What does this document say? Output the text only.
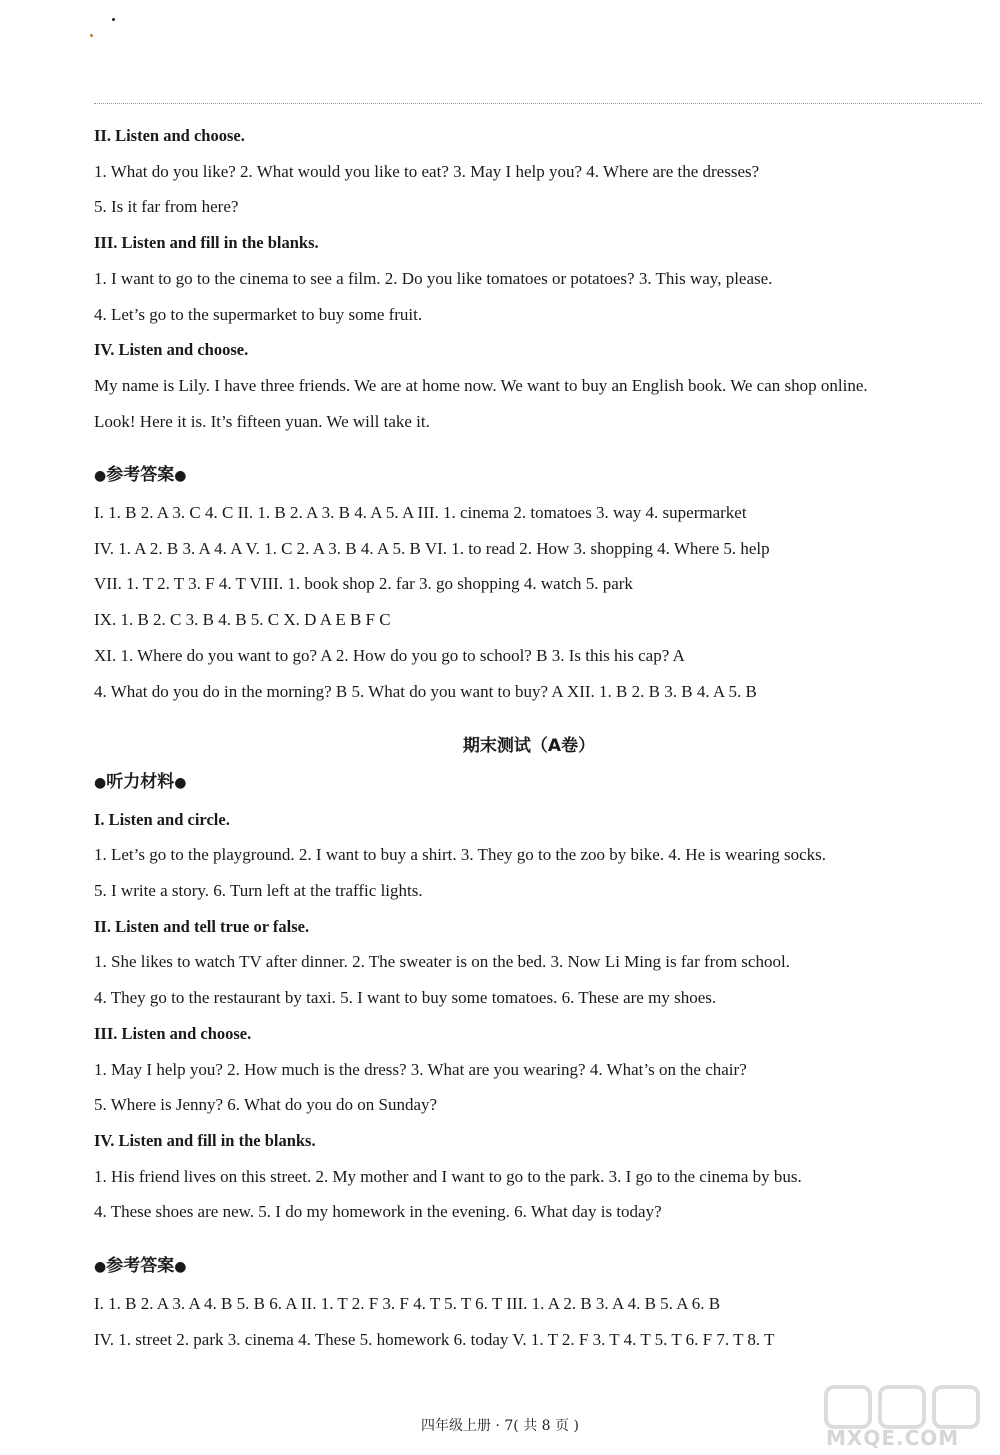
II. Listen and choose.
1. What do you like? 2. What would you like to eat? 3. May I help you? 4. Where are the dresses?
5. Is it far from here?
III. Listen and fill in the blanks.
1. I want to go to the cinema to see a film. 2. Do you like tomatoes or potatoes? 3. This way, please.
4. Let’s go to the supermarket to buy some fruit.
IV. Listen and choose.
My name is Lily. I have three friends. We are at home now. We want to buy an English book. We can shop online.
Look! Here it is. It’s fifteen yuan. We will take it.
●参考答案●
I. 1. B 2. A 3. C 4. C II. 1. B 2. A 3. B 4. A 5. A III. 1. cinema 2. tomatoes 3. way 4. supermarket
IV. 1. A 2. B 3. A 4. A V. 1. C 2. A 3. B 4. A 5. B VI. 1. to read 2. How 3. shopping 4. Where 5. help
VII. 1. T 2. T 3. F 4. T VIII. 1. book shop 2. far 3. go shopping 4. watch 5. park
IX. 1. B 2. C 3. B 4. B 5. C X. D A E B F C
XI. 1. Where do you want to go? A 2. How do you go to school? B 3. Is this his cap? A
4. What do you do in the morning? B 5. What do you want to buy? A XII. 1. B 2. B 3. B 4. A 5. B
期末测试（A卷）
●听力材料●
I. Listen and circle.
1. Let’s go to the playground. 2. I want to buy a shirt. 3. They go to the zoo by bike. 4. He is wearing socks.
5. I write a story. 6. Turn left at the traffic lights.
II. Listen and tell true or false.
1. She likes to watch TV after dinner. 2. The sweater is on the bed. 3. Now Li Ming is far from school.
4. They go to the restaurant by taxi. 5. I want to buy some tomatoes. 6. These are my shoes.
III. Listen and choose.
1. May I help you? 2. How much is the dress? 3. What are you wearing? 4. What’s on the chair?
5. Where is Jenny? 6. What do you do on Sunday?
IV. Listen and fill in the blanks.
1. His friend lives on this street. 2. My mother and I want to go to the park. 3. I go to the cinema by bus.
4. These shoes are new. 5. I do my homework in the evening. 6. What day is today?
●参考答案●
I. 1. B 2. A 3. A 4. B 5. B 6. A II. 1. T 2. F 3. F 4. T 5. T 6. T III. 1. A 2. B 3. A 4. B 5. A 6. B
IV. 1. street 2. park 3. cinema 4. These 5. homework 6. today V. 1. T 2. F 3. T 4. T 5. T 6. F 7. T 8. T
四年级上册 · 7( 共 8 页 )	MXQE.COM
